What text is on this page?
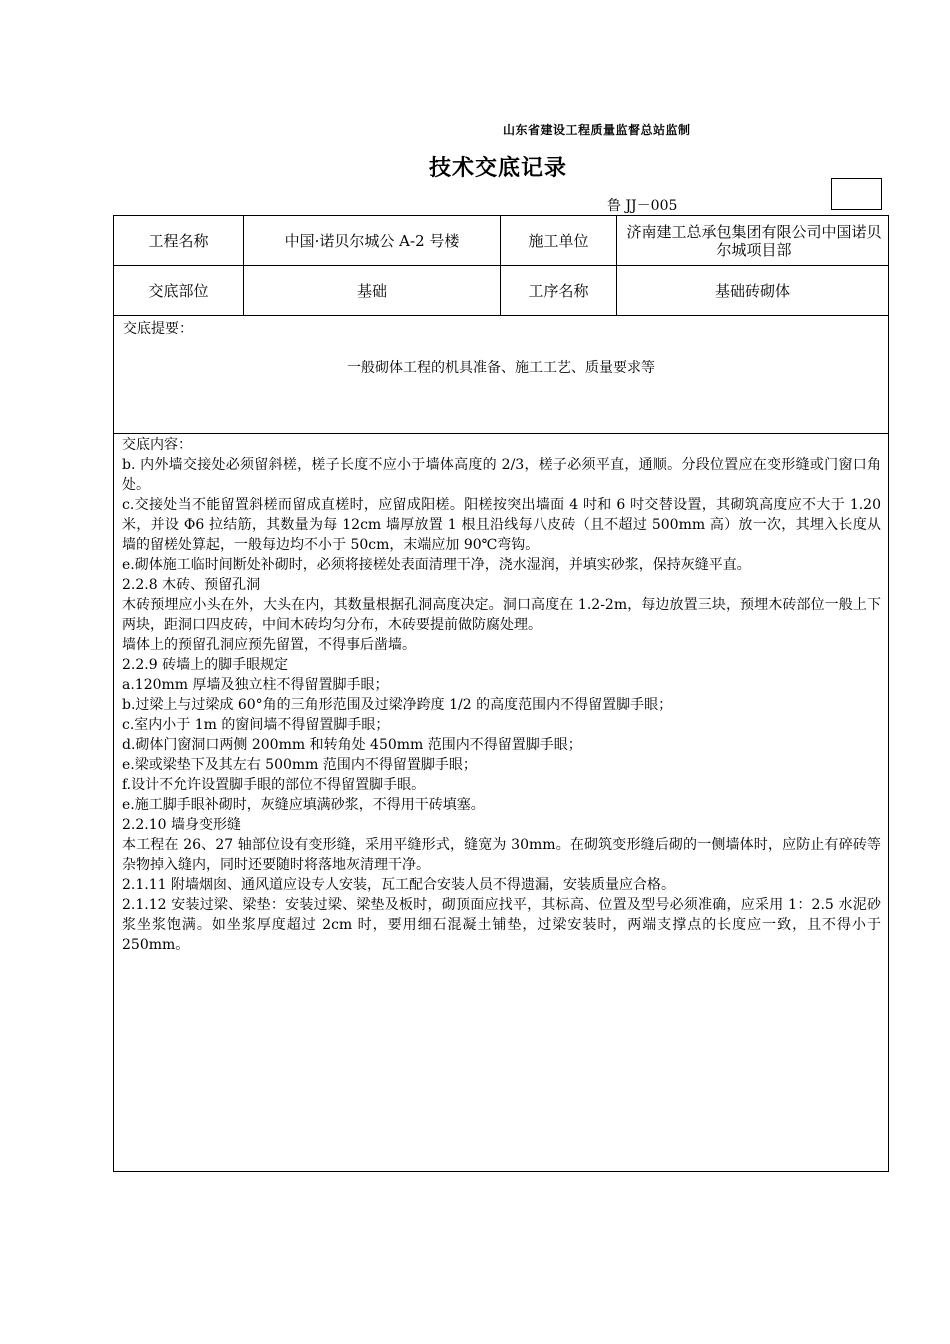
山东省建设工程质量监督总站监制
技术交底记录
鲁 JJ－005
工程名称	中国·诺贝尔城公 A-2 号楼	施工单位	济南建工总承包集团有限公司中国诺贝尔城项目部
交底部位	基础	工序名称	基础砖砌体
交底提要：
一般砌体工程的机具准备、施工工艺、质量要求等

交底内容：

b. 内外墙交接处必须留斜槎，槎子长度不应小于墙体高度的 2/3，槎子必须平直，通顺。分段位置应在变形缝或门窗口角处。

c.交接处当不能留置斜槎而留成直槎时，应留成阳槎。阳槎按突出墙面 4 吋和 6 吋交替设置，其砌筑高度应不大于 1.20 米，并设 Φ6 拉结筋，其数量为每 12cm 墙厚放置 1 根且沿线每八皮砖（且不超过 500mm 高）放一次，其埋入长度从墙的留槎处算起，一般每边均不小于 50cm，末端应加 90℃弯钩。

e.砌体施工临时间断处补砌时，必须将接槎处表面清理干净，浇水湿润，并填实砂浆，保持灰缝平直。

2.2.8 木砖、预留孔洞

木砖预埋应小头在外，大头在内，其数量根据孔洞高度决定。洞口高度在 1.2-2m，每边放置三块，预埋木砖部位一般上下两块，距洞口四皮砖，中间木砖均匀分布，木砖要提前做防腐处理。

墙体上的预留孔洞应预先留置，不得事后凿墙。

2.2.9 砖墙上的脚手眼规定

a.120mm 厚墙及独立柱不得留置脚手眼；

b.过梁上与过梁成 60°角的三角形范围及过梁净跨度 1/2 的高度范围内不得留置脚手眼；

c.室内小于 1m 的窗间墙不得留置脚手眼；

d.砌体门窗洞口两侧 200mm 和转角处 450mm 范围内不得留置脚手眼；

e.梁或梁垫下及其左右 500mm 范围内不得留置脚手眼；

f.设计不允许设置脚手眼的部位不得留置脚手眼。

e.施工脚手眼补砌时，灰缝应填满砂浆，不得用干砖填塞。

2.2.10 墙身变形缝

本工程在 26、27 轴部位设有变形缝，采用平缝形式，缝宽为 30mm。在砌筑变形缝后砌的一侧墙体时，应防止有碎砖等杂物掉入缝内，同时还要随时将落地灰清理干净。

2.1.11 附墙烟囱、通风道应设专人安装，瓦工配合安装人员不得遗漏，安装质量应合格。

2.1.12 安装过梁、梁垫：安装过梁、梁垫及板时，砌顶面应找平，其标高、位置及型号必须准确，应采用 1：2.5 水泥砂浆坐浆饱满。如坐浆厚度超过 2cm 时，要用细石混凝土铺垫，过梁安装时，两端支撑点的长度应一致，且不得小于 250mm。
